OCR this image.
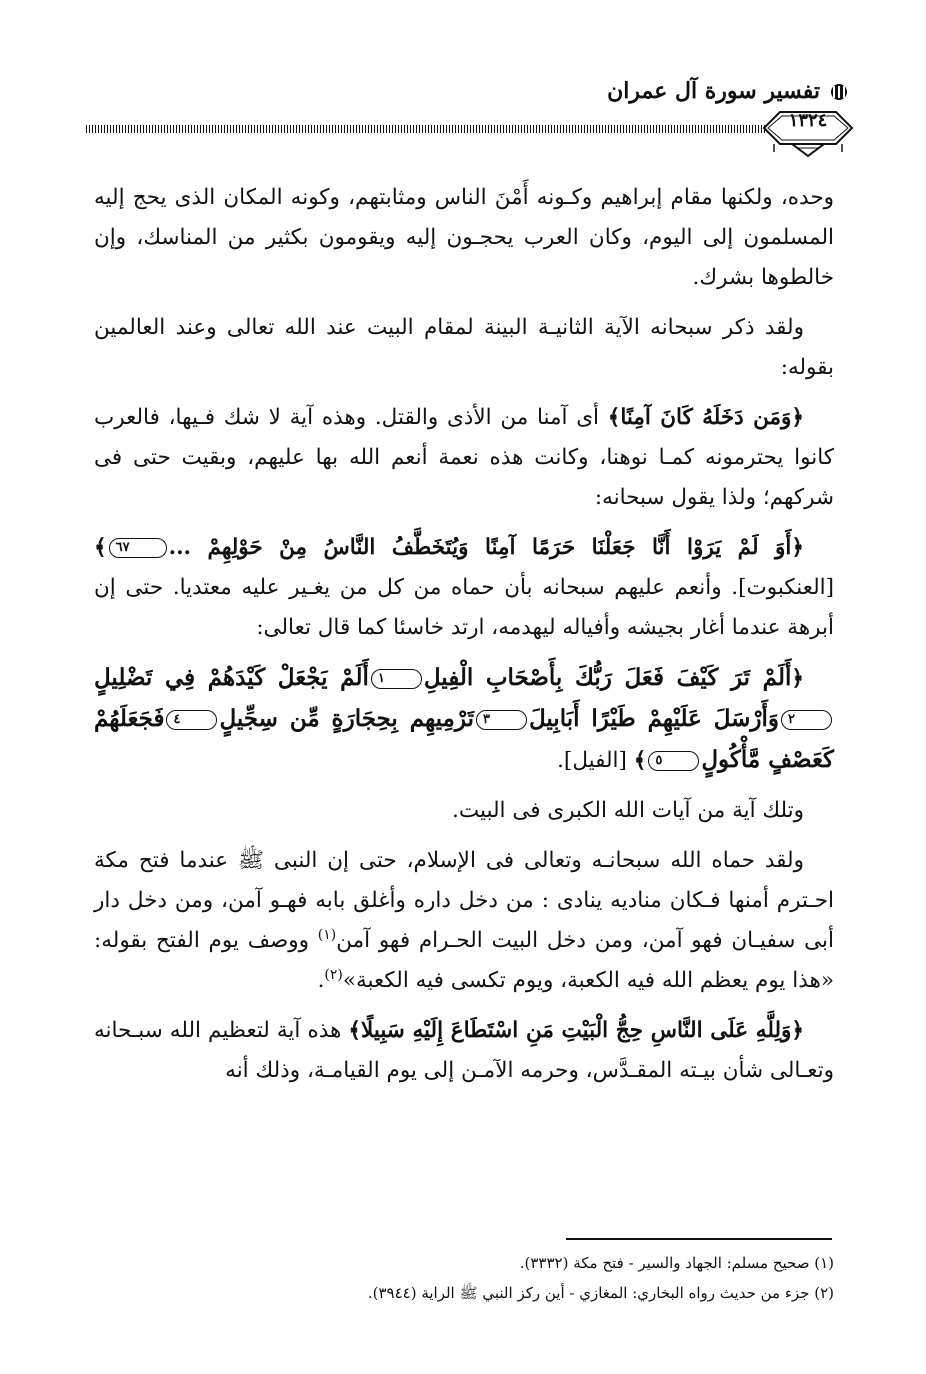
تفسير سورة آل عمران
١٣٢٤

وحده، ولكنها مقام إبراهيم وكـونه أَمْنَ الناس ومثابتهم، وكونه المكان الذى يحج إليه المسلمون إلى اليوم، وكان العرب يحجـون إليه ويقومون بكثير من المناسك، وإن خالطوها بشرك.

ولقد ذكر سبحانه الآية الثانيـة البينة لمقام البيت عند الله تعالى وعند العالمين بقوله:

﴿وَمَن دَخَلَهُ كَانَ آمِنًا﴾ أى آمنا من الأذى والقتل. وهذه آية لا شك فـيها، فالعرب كانوا يحترمونه كمـا نوهنا، وكانت هذه نعمة أنعم الله بها عليهم، وبقيت حتى فى شركهم؛ ولذا يقول سبحانه:

﴿أَوَ لَمْ يَرَوْا أَنَّا جَعَلْنَا حَرَمًا آمِنًا وَيُتَخَطَّفُ النَّاسُ مِنْ حَوْلِهِمْ ...٦٧﴾ [العنكبوت]. وأنعم عليهم سبحانه بأن حماه من كل من يغـير عليه معتديا. حتى إن أبرهة عندما أغار بجيشه وأفياله ليهدمه، ارتد خاسئا كما قال تعالى:

﴿أَلَمْ تَرَ كَيْفَ فَعَلَ رَبُّكَ بِأَصْحَابِ الْفِيلِ١أَلَمْ يَجْعَلْ كَيْدَهُمْ فِي تَضْلِيلٍ٢وَأَرْسَلَ عَلَيْهِمْ طَيْرًا أَبَابِيلَ٣تَرْمِيهِم بِحِجَارَةٍ مِّن سِجِّيلٍ٤فَجَعَلَهُمْ كَعَصْفٍ مَّأْكُولٍ٥﴾ [الفيل].

وتلك آية من آيات الله الكبرى فى البيت.

ولقد حماه الله سبحانـه وتعالى فى الإسلام، حتى إن النبى ﷺ عندما فتح مكة احـترم أمنها فـكان مناديه ينادى : من دخل داره وأغلق بابه فهـو آمن، ومن دخل دار أبى سفيـان فهو آمن، ومن دخل البيت الحـرام فهو آمن$^{(١)}$ ووصف يوم الفتح بقوله: «هذا يوم يعظم الله فيه الكعبة، ويوم تكسى فيه الكعبة»$^{(٢)}$.

﴿وَلِلَّهِ عَلَى النَّاسِ حِجُّ الْبَيْتِ مَنِ اسْتَطَاعَ إِلَيْهِ سَبِيلًا﴾ هذه آية لتعظيم الله سبـحانه وتعـالى شأن بيـته المقـدَّس، وحرمه الآمـن إلى يوم القيامـة، وذلك أنه

(١) صحيح مسلم: الجهاد والسير - فتح مكة (٣٣٣٢).

(٢) جزء من حديث رواه البخاري: المغازي - أين ركز النبي ﷺ الراية (٣٩٤٤).
